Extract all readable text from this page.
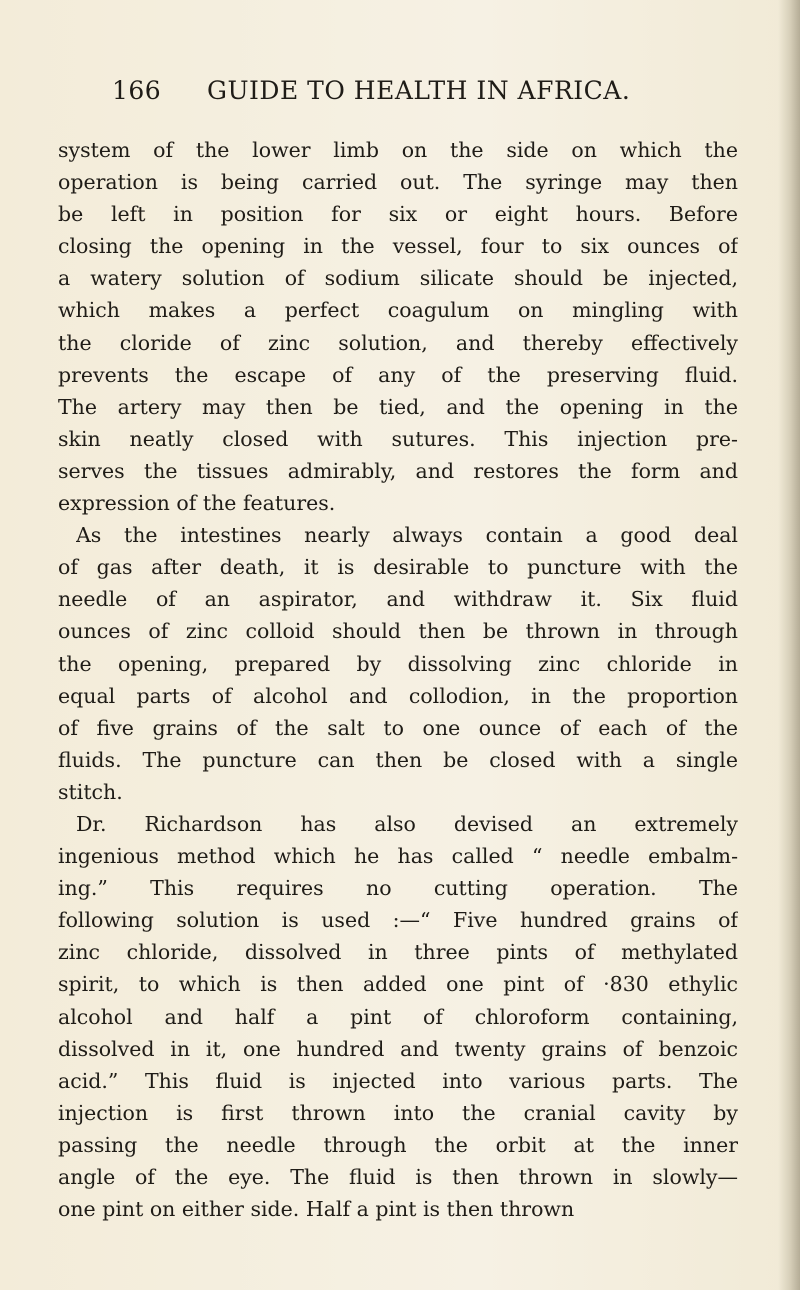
166 GUIDE TO HEALTH IN AFRICA.
system of the lower limb on the side on which the
operation is being carried out. The syringe may then
be left in position for six or eight hours. Before
closing the opening in the vessel, four to six ounces of
a watery solution of sodium silicate should be injected,
which makes a perfect coagulum on mingling with
the cloride of zinc solution, and thereby effectively
prevents the escape of any of the preserving fluid.
The artery may then be tied, and the opening in the
skin neatly closed with sutures. This injection pre-
serves the tissues admirably, and restores the form and
expression of the features.
As the intestines nearly always contain a good deal
of gas after death, it is desirable to puncture with the
needle of an aspirator, and withdraw it. Six fluid
ounces of zinc colloid should then be thrown in through
the opening, prepared by dissolving zinc chloride in
equal parts of alcohol and collodion, in the proportion
of five grains of the salt to one ounce of each of the
fluids. The puncture can then be closed with a single
stitch.
Dr. Richardson has also devised an extremely
ingenious method which he has called “ needle embalm-
ing.” This requires no cutting operation. The
following solution is used :—“ Five hundred grains of
zinc chloride, dissolved in three pints of methylated
spirit, to which is then added one pint of ·830 ethylic
alcohol and half a pint of chloroform containing,
dissolved in it, one hundred and twenty grains of benzoic
acid.” This fluid is injected into various parts. The
injection is first thrown into the cranial cavity by
passing the needle through the orbit at the inner
angle of the eye. The fluid is then thrown in slowly—
one pint on either side. Half a pint is then thrown
